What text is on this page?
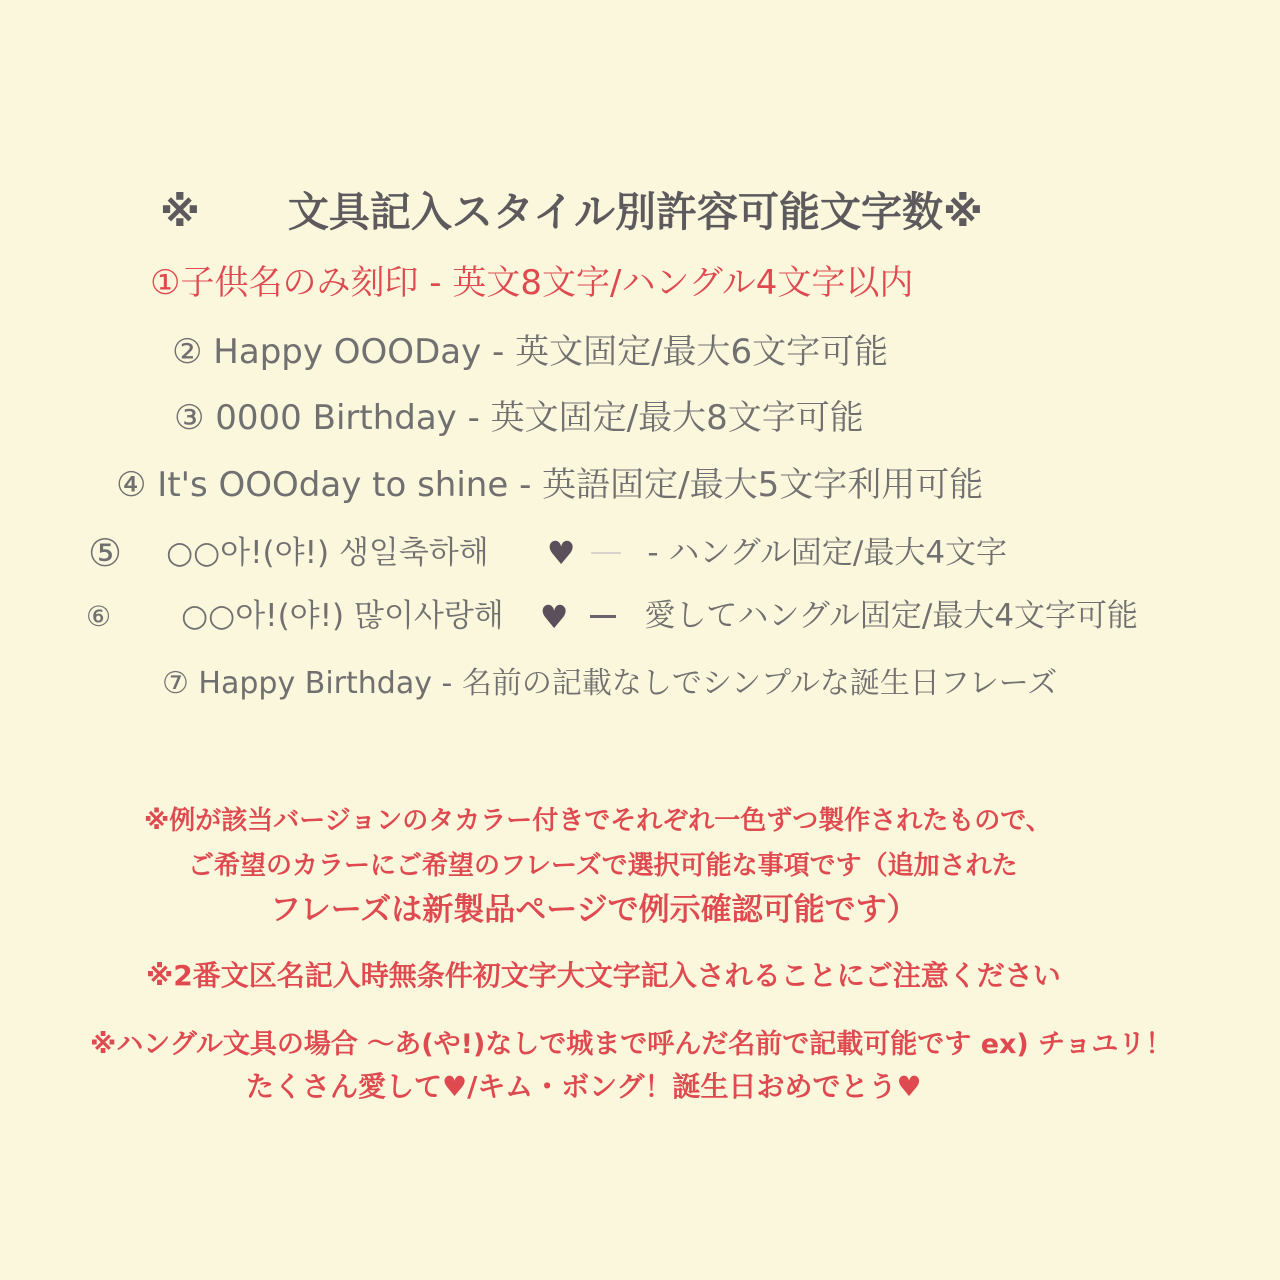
※ 文具記入スタイル別許容可能文字数※
①子供名のみ刻印 - 英文8文字/ハングル4文字以内
② Happy OOODay - 英文固定/最大6文字可能
③ 0000 Birthday - 英文固定/最大8文字可能
④ It's OOOday to shine - 英語固定/最大5文字利用可能
⑤ ○○아!(야!) 생일축하해 ♥ - ハングル固定/最大4文字
⑥ ○○아!(야!) 많이사랑해 ♥ 愛してハングル固定/最大4文字可能
⑦ Happy Birthday - 名前の記載なしでシンプルな誕生日フレーズ
※例が該当バージョンのタカラー付きでそれぞれ一色ずつ製作されたもので、
ご希望のカラーにご希望のフレーズで選択可能な事項です（追加された
フレーズは新製品ページで例示確認可能です）
※2番文区名記入時無条件初文字大文字記入されることにご注意ください
※ハングル文具の場合 ～あ(や!)なしで城まで呼んだ名前で記載可能です ex) チョユリ！
たくさん愛して♥/キム・ボング！誕生日おめでとう♥
